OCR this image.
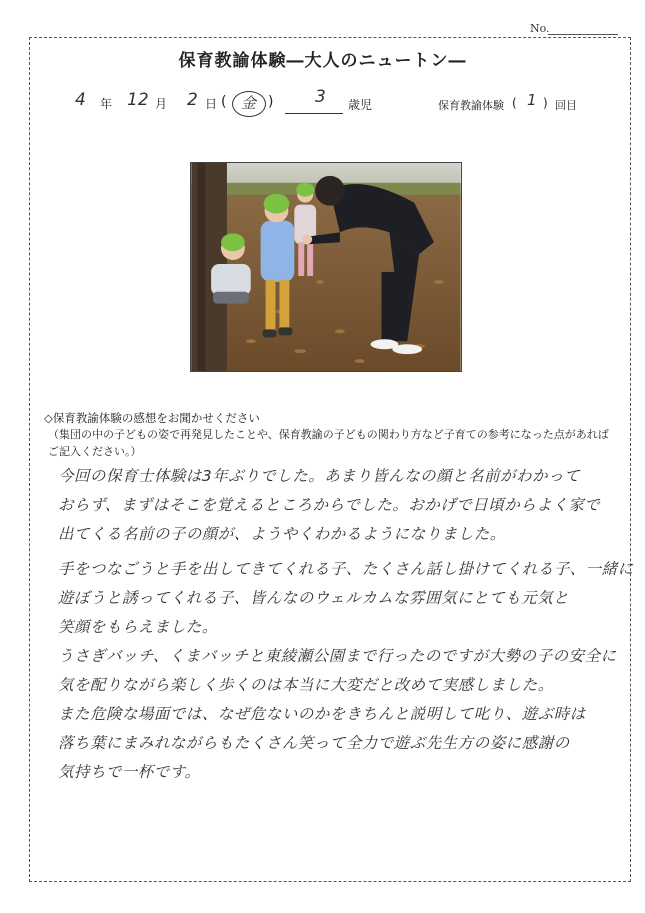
No.
保育教諭体験―大人のニュートン―
4 年 12 月 2 日 ( 金 ) 3 歳児	保育教諭体験 ( 1 ) 回目
◇保育教諭体験の感想をお聞かせください
（集団の中の子どもの姿で再発見したことや、保育教諭の子どもの関わり方など子育ての参考になった点があればご記入ください。）
今回の保育士体験は3年ぶりでした。あまり皆んなの顔と名前がわかって
おらず、まずはそこを覚えるところからでした。おかげで日頃からよく家で
出てくる名前の子の顔が、ようやくわかるようになりました。
手をつなごうと手を出してきてくれる子、たくさん話し掛けてくれる子、一緒に
遊ぼうと誘ってくれる子、皆んなのウェルカムな雰囲気にとても元気と
笑顔をもらえました。
うさぎバッチ、くまバッチと東綾瀬公園まで行ったのですが大勢の子の安全に
気を配りながら楽しく歩くのは本当に大変だと改めて実感しました。
また危険な場面では、なぜ危ないのかをきちんと説明して叱り、遊ぶ時は
落ち葉にまみれながらもたくさん笑って全力で遊ぶ先生方の姿に感謝の
気持ちで一杯です。
